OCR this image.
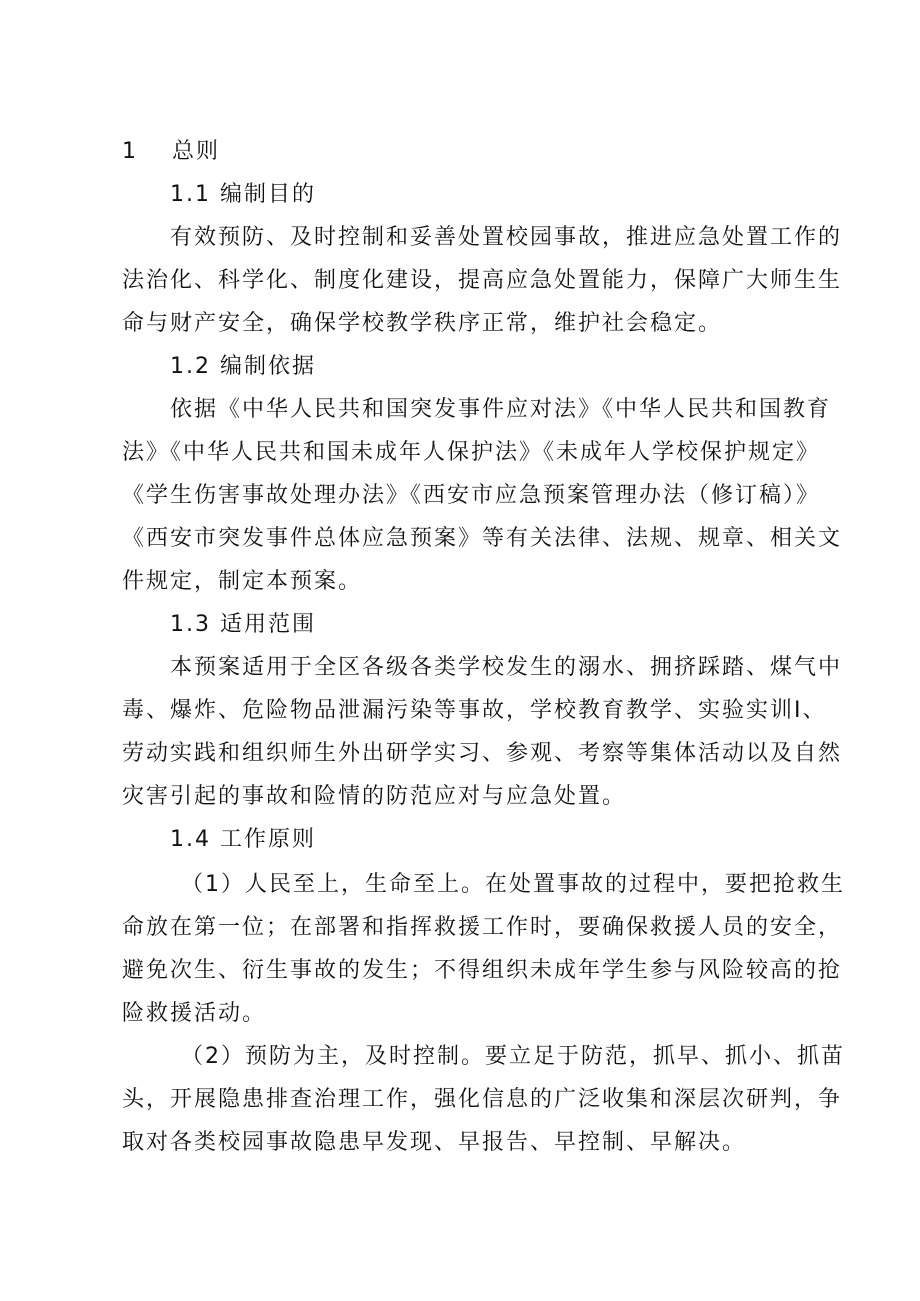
1 总则
1.1 编制目的
有效预防、及时控制和妥善处置校园事故，推进应急处置工作的
法治化、科学化、制度化建设，提高应急处置能力，保障广大师生生
命与财产安全，确保学校教学秩序正常，维护社会稳定。
1.2 编制依据
依据《中华人民共和国突发事件应对法》《中华人民共和国教育
法》《中华人民共和国未成年人保护法》《未成年人学校保护规定》
《学生伤害事故处理办法》《西安市应急预案管理办法（修订稿）》
《西安市突发事件总体应急预案》等有关法律、法规、规章、相关文
件规定，制定本预案。
1.3 适用范围
本预案适用于全区各级各类学校发生的溺水、拥挤踩踏、煤气中
毒、爆炸、危险物品泄漏污染等事故，学校教育教学、实验实训I、
劳动实践和组织师生外出研学实习、参观、考察等集体活动以及自然
灾害引起的事故和险情的防范应对与应急处置。
1.4 工作原则
（1）人民至上，生命至上。在处置事故的过程中，要把抢救生
命放在第一位；在部署和指挥救援工作时，要确保救援人员的安全，
避免次生、衍生事故的发生；不得组织未成年学生参与风险较高的抢
险救援活动。
（2）预防为主，及时控制。要立足于防范，抓早、抓小、抓苗
头，开展隐患排查治理工作，强化信息的广泛收集和深层次研判，争
取对各类校园事故隐患早发现、早报告、早控制、早解决。
